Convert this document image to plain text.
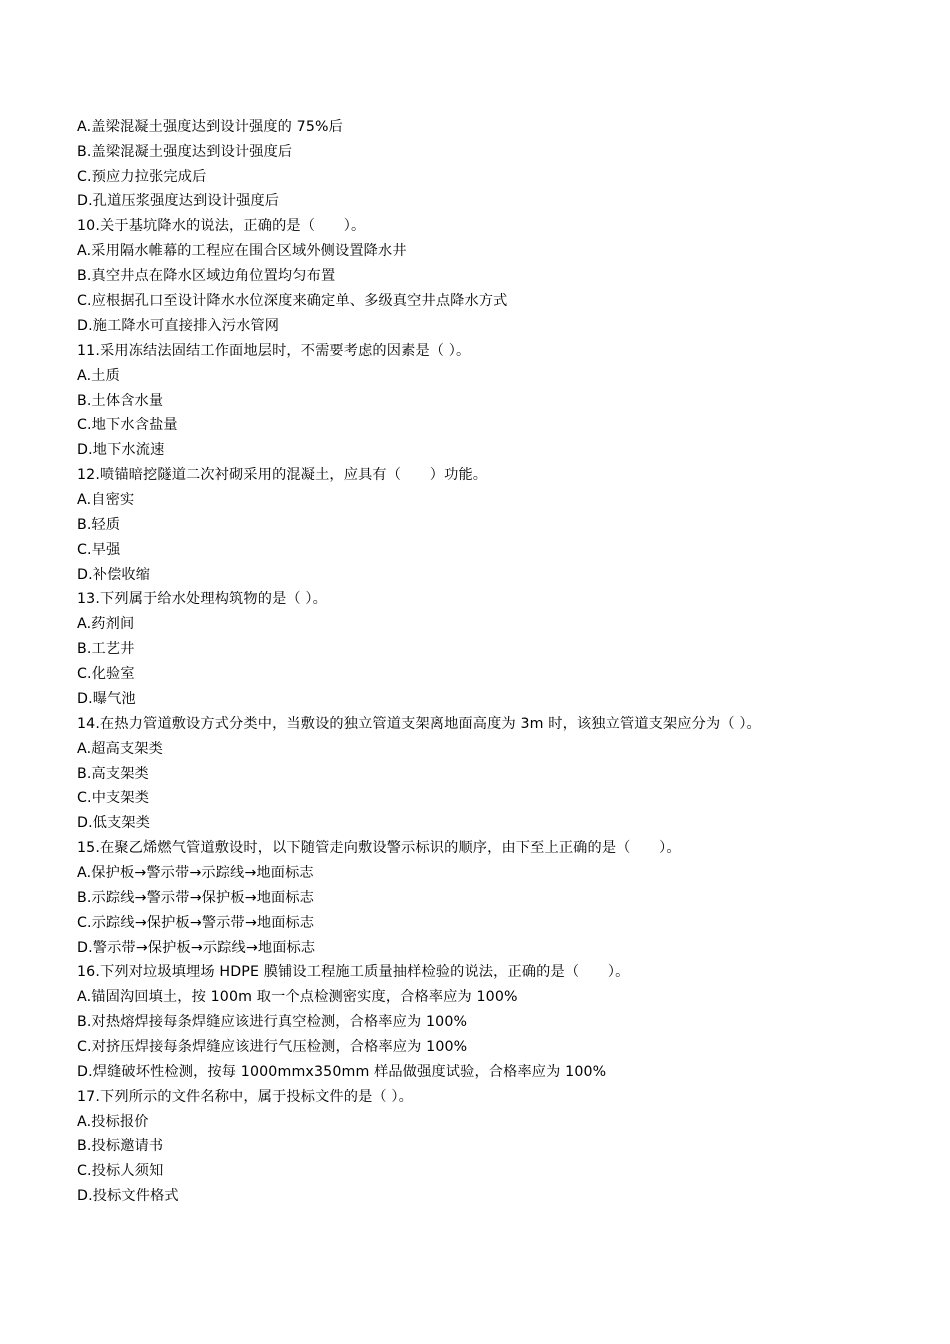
A.盖梁混凝土强度达到设计强度的 75%后
B.盖梁混凝土强度达到设计强度后
C.预应力拉张完成后
D.孔道压浆强度达到设计强度后
10.关于基坑降水的说法，正确的是（　　）。
A.采用隔水帷幕的工程应在围合区域外侧设置降水井
B.真空井点在降水区域边角位置均匀布置
C.应根据孔口至设计降水水位深度来确定单、多级真空井点降水方式
D.施工降水可直接排入污水管网
11.采用冻结法固结工作面地层时，不需要考虑的因素是（ ）。
A.土质
B.土体含水量
C.地下水含盐量
D.地下水流速
12.喷锚暗挖隧道二次衬砌采用的混凝土，应具有（　　）功能。
A.自密实
B.轻质
C.早强
D.补偿收缩
13.下列属于给水处理构筑物的是（ ）。
A.药剂间
B.工艺井
C.化验室
D.曝气池
14.在热力管道敷设方式分类中，当敷设的独立管道支架离地面高度为 3m 时，该独立管道支架应分为（ ）。
A.超高支架类
B.高支架类
C.中支架类
D.低支架类
15.在聚乙烯燃气管道敷设时，以下随管走向敷设警示标识的顺序，由下至上正确的是（　　）。
A.保护板→警示带→示踪线→地面标志
B.示踪线→警示带→保护板→地面标志
C.示踪线→保护板→警示带→地面标志
D.警示带→保护板→示踪线→地面标志
16.下列对垃圾填埋场 HDPE 膜铺设工程施工质量抽样检验的说法，正确的是（　　）。
A.锚固沟回填土，按 100m 取一个点检测密实度，合格率应为 100%
B.对热熔焊接每条焊缝应该进行真空检测，合格率应为 100%
C.对挤压焊接每条焊缝应该进行气压检测，合格率应为 100%
D.焊缝破坏性检测，按每 1000mmx350mm 样品做强度试验，合格率应为 100%
17.下列所示的文件名称中，属于投标文件的是（ ）。
A.投标报价
B.投标邀请书
C.投标人须知
D.投标文件格式
